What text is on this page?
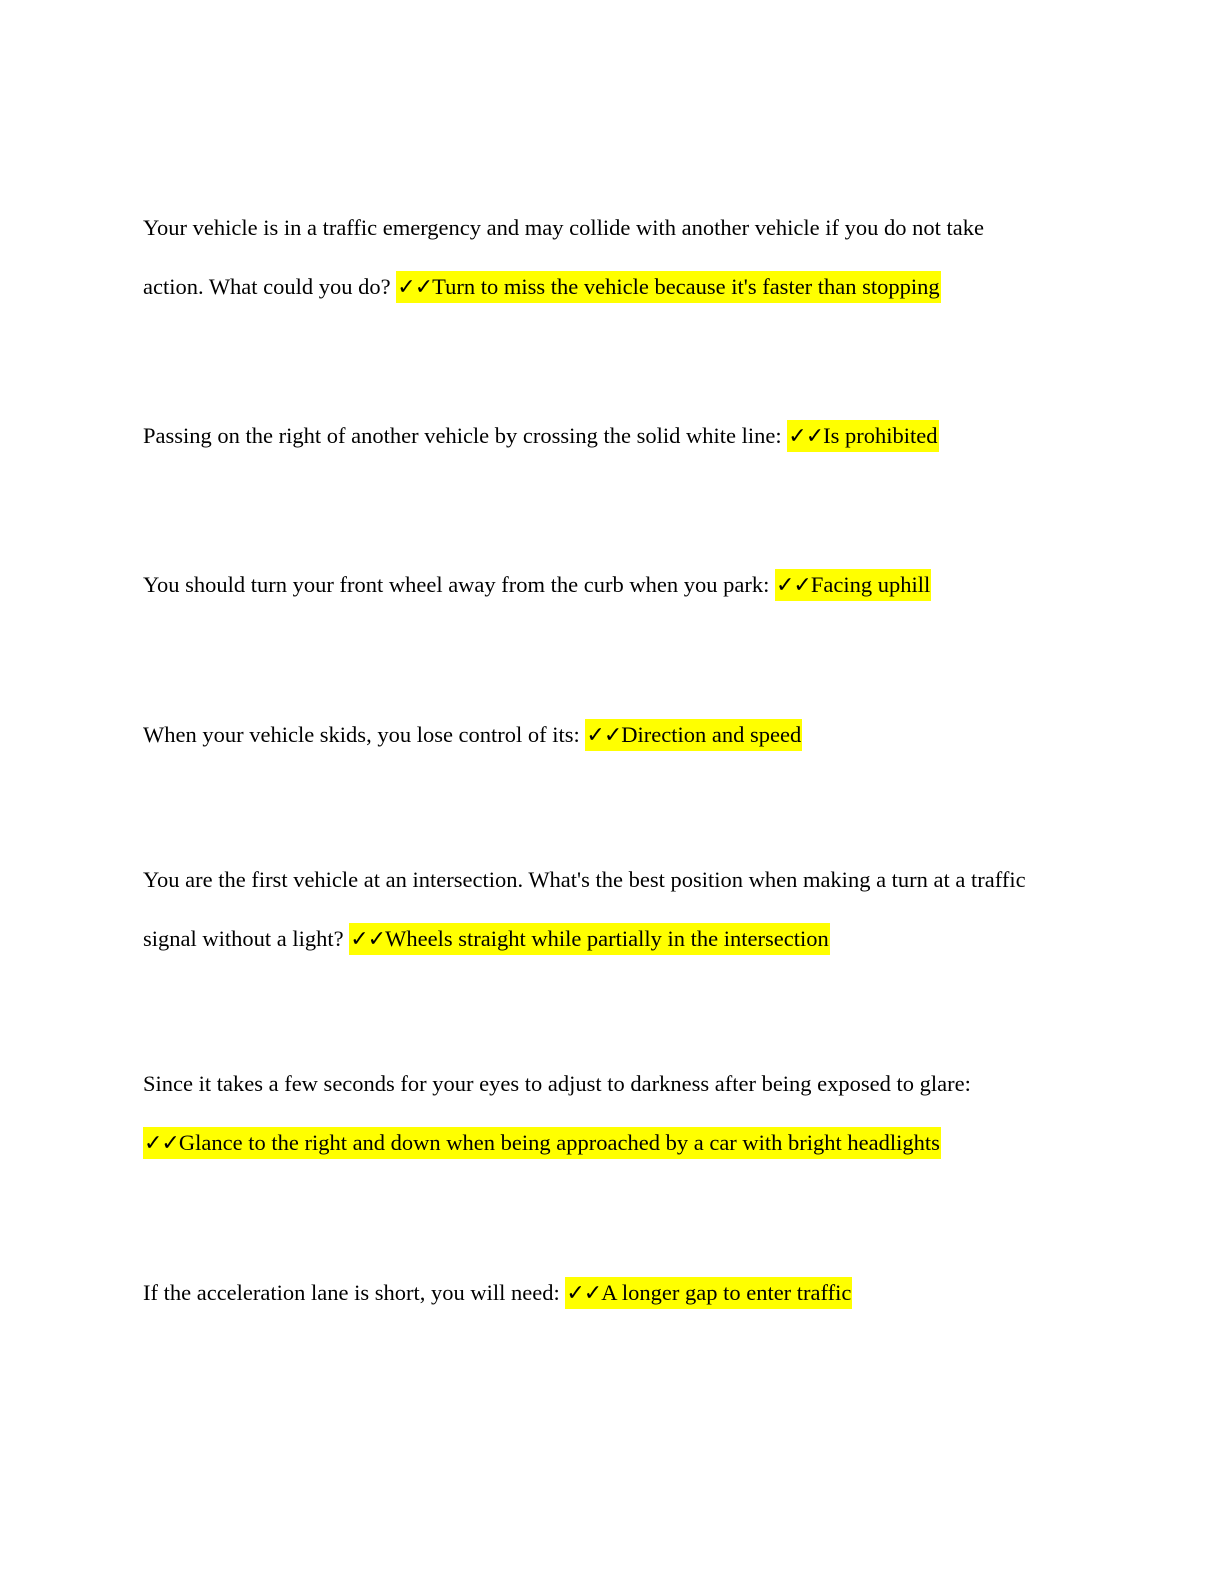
Your vehicle is in a traffic emergency and may collide with another vehicle if you do not take action. What could you do? ✓✓Turn to miss the vehicle because it's faster than stopping

Passing on the right of another vehicle by crossing the solid white line: ✓✓Is prohibited

You should turn your front wheel away from the curb when you park: ✓✓Facing uphill

When your vehicle skids, you lose control of its: ✓✓Direction and speed

You are the first vehicle at an intersection. What's the best position when making a turn at a traffic signal without a light? ✓✓Wheels straight while partially in the intersection

Since it takes a few seconds for your eyes to adjust to darkness after being exposed to glare: ✓✓Glance to the right and down when being approached by a car with bright headlights

If the acceleration lane is short, you will need: ✓✓A longer gap to enter traffic
